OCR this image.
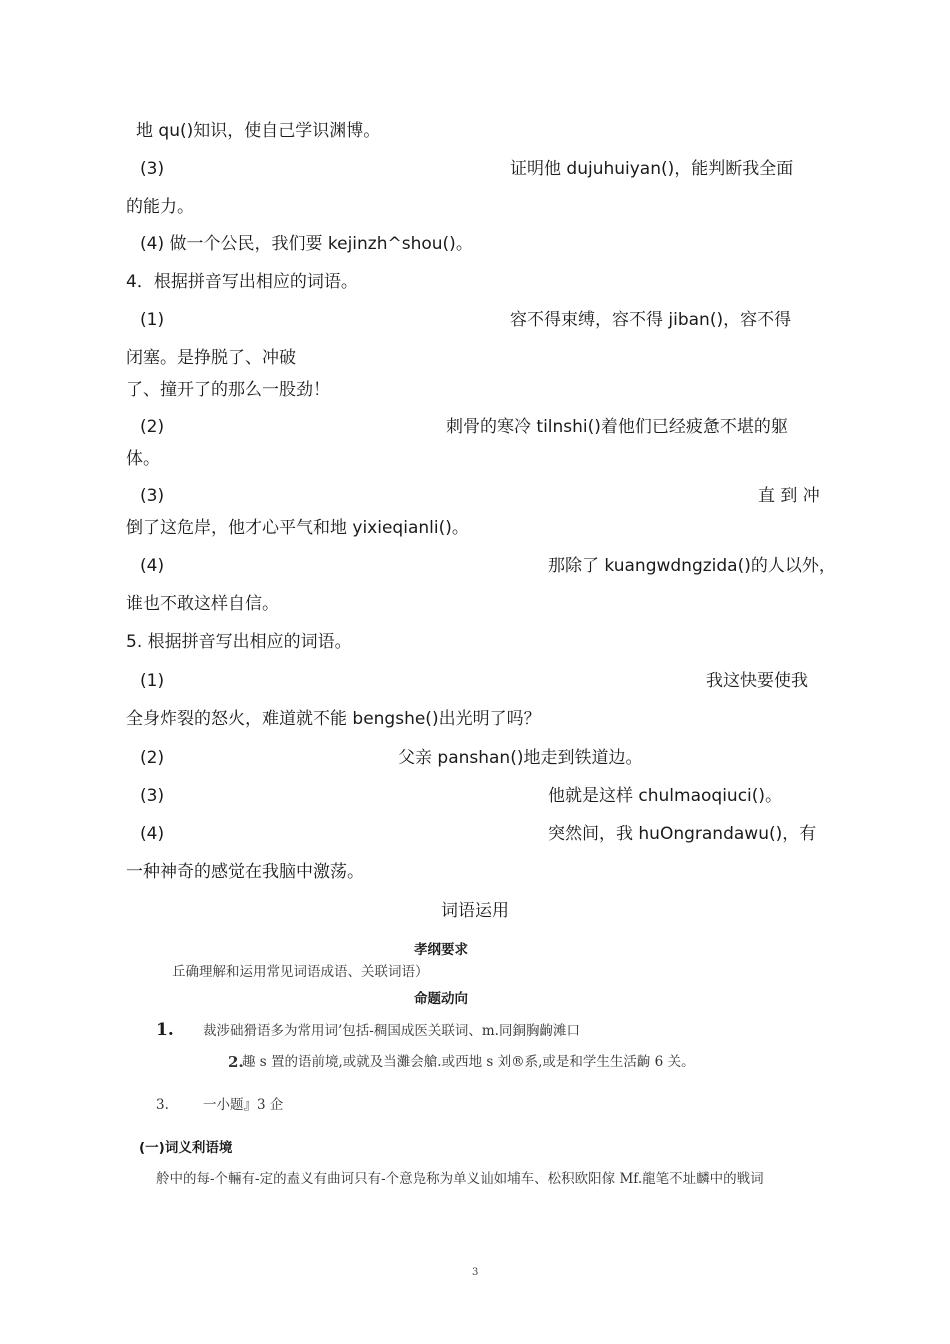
地 qu()知识，使自己学识渊博。
(3)	证明他 dujuhuiyan()，能判断我全面
的能力。
(4) 做一个公民，我们要 kejinzh^shou()。
4．根据拼音写出相应的词语。
(1)	容不得束缚，容不得 jiban()，容不得
闭塞。是挣脱了、冲破
了、撞开了的那么一股劲！
(2)	刺骨的寒冷 tilnshi()着他们已经疲惫不堪的躯
体。
(3)	直 到 冲
倒了这危岸，他才心平气和地 yixieqianli()。
(4)	那除了 kuangwdngzida()的人以外，
谁也不敢这样自信。
5. 根据拼音写出相应的词语。
(1)	我这快要使我
全身炸裂的怒火，难道就不能 bengshe()出光明了吗？
(2)	父亲 panshan()地走到铁道边。
(3)	他就是这样 chulmaoqiuci()。
(4)	突然间，我 huOngrandawu()，有
一种神奇的感觉在我脑中激荡。
词语运用
孝纲要求
丘确理解和运用常见词语成语、关联词语）
命题动向
1. 裁涉础猾语多为常用词’包括-稠国成医关联词、m.同銅胸齣滩口
2.
趣 s 置的语前境,或就及当灘会艙.或西地 s 刘®系,或是和学生生活齣 6 关。
3.	一小题』3 企
(一)词义利语境
舲中的每-个輛有-定的盍义有曲诃只有-个意凫称为单义讪如埔车、松积欧阳傢 Mf.龍笔不址麟中的戦词
3
